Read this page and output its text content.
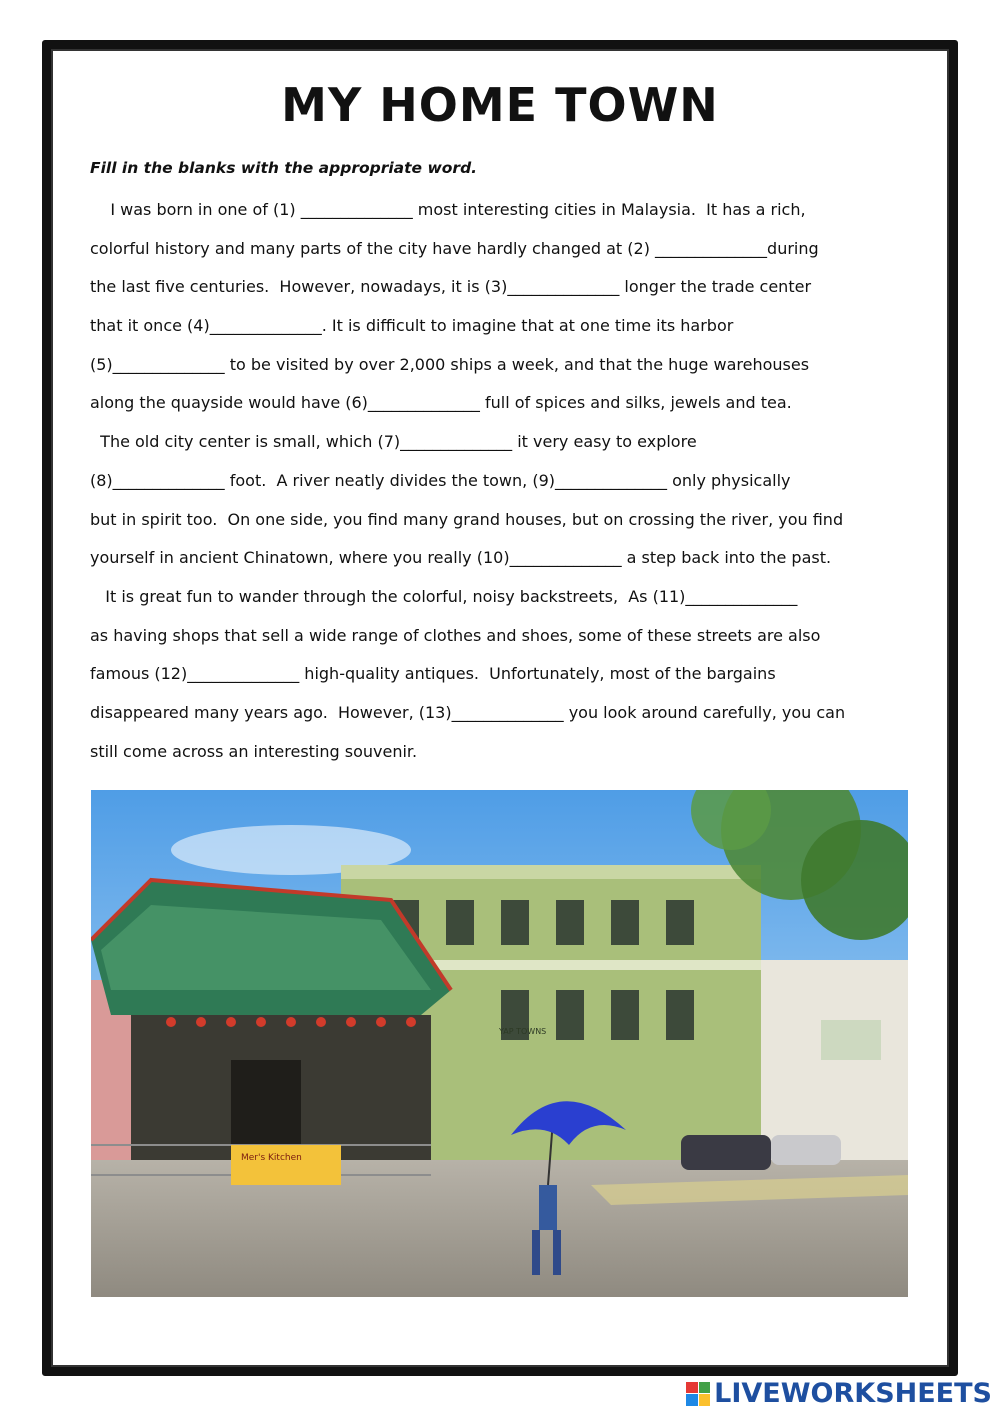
MY HOME TOWN
Fill in the blanks with the appropriate word.
I was born in one of (1) ______________ most interesting cities in Malaysia.  It has a rich,
colorful history and many parts of the city have hardly changed at (2) ______________during
the last five centuries.  However, nowadays, it is (3)______________ longer the trade center
that it once (4)______________. It is difficult to imagine that at one time its harbor
(5)______________ to be visited by over 2,000 ships a week, and that the huge warehouses
along the quayside would have (6)______________ full of spices and silks, jewels and tea.
The old city center is small, which (7)______________ it very easy to explore
(8)______________ foot.  A river neatly divides the town, (9)______________ only physically
but in spirit too.  On one side, you find many grand houses, but on crossing the river, you find
yourself in ancient Chinatown, where you really (10)______________ a step back into the past.
It is great fun to wander through the colorful, noisy backstreets,  As (11)______________
as having shops that sell a wide range of clothes and shoes, some of these streets are also
famous (12)______________ high-quality antiques.  Unfortunately, most of the bargains
disappeared many years ago.  However, (13)______________ you look around carefully, you can
still come across an interesting souvenir.
Mer's Kitchen
YAP TOWNS
LIVEWORKSHEETS
